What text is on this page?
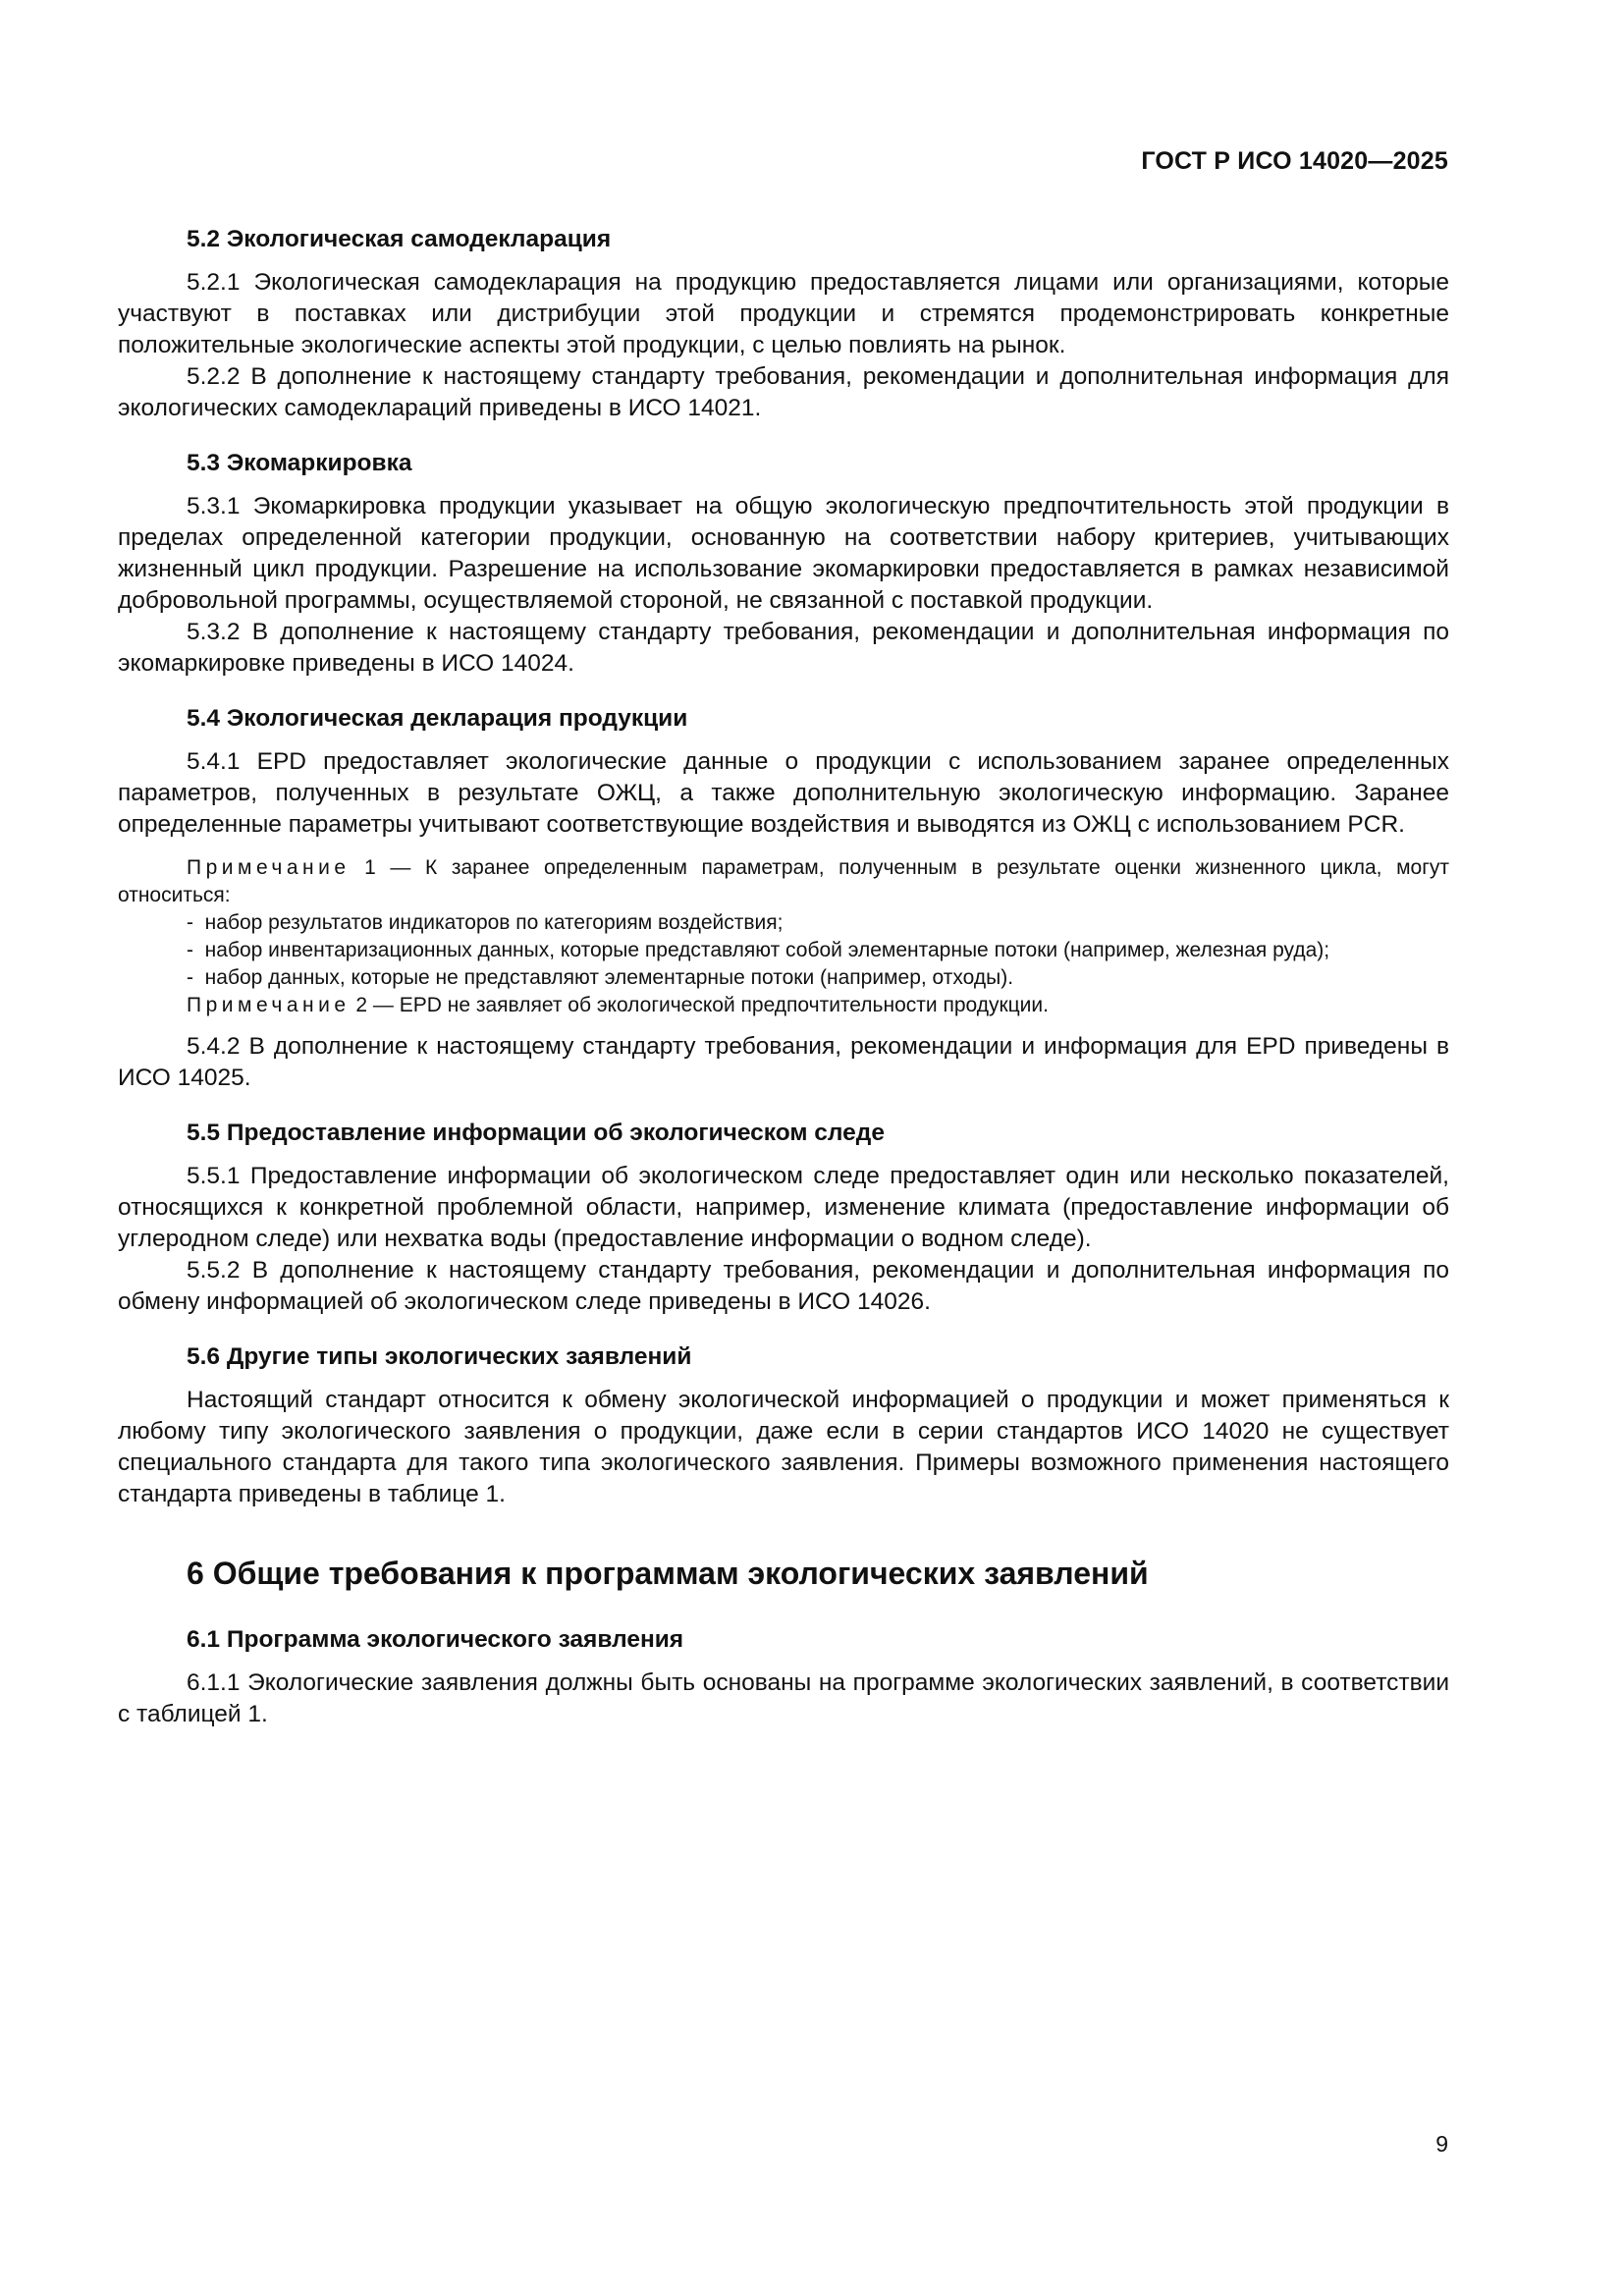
ГОСТ Р ИСО 14020—2025
5.2 Экологическая самодекларация

5.2.1 Экологическая самодекларация на продукцию предоставляется лицами или организациями, которые участвуют в поставках или дистрибуции этой продукции и стремятся продемонстрировать конкретные положительные экологические аспекты этой продукции, с целью повлиять на рынок.

5.2.2 В дополнение к настоящему стандарту требования, рекомендации и дополнительная информация для экологических самодеклараций приведены в ИСО 14021.

5.3 Экомаркировка

5.3.1 Экомаркировка продукции указывает на общую экологическую предпочтительность этой продукции в пределах определенной категории продукции, основанную на соответствии набору критериев, учитывающих жизненный цикл продукции. Разрешение на использование экомаркировки предоставляется в рамках независимой добровольной программы, осуществляемой стороной, не связанной с поставкой продукции.

5.3.2 В дополнение к настоящему стандарту требования, рекомендации и дополнительная информация по экомаркировке приведены в ИСО 14024.

5.4 Экологическая декларация продукции

5.4.1 EPD предоставляет экологические данные о продукции с использованием заранее определенных параметров, полученных в результате ОЖЦ, а также дополнительную экологическую информацию. Заранее определенные параметры учитывают соответствующие воздействия и выводятся из ОЖЦ с использованием PCR.

Примечание 1 — К заранее определенным параметрам, полученным в результате оценки жизненного цикла, могут относиться:

-  набор результатов индикаторов по категориям воздействия;
-  набор инвентаризационных данных, которые представляют собой элементарные потоки (например, железная руда);
-  набор данных, которые не представляют элементарные потоки (например, отходы).

Примечание 2 — EPD не заявляет об экологической предпочтительности продукции.

5.4.2 В дополнение к настоящему стандарту требования, рекомендации и информация для EPD приведены в ИСО 14025.

5.5 Предоставление информации об экологическом следе

5.5.1 Предоставление информации об экологическом следе предоставляет один или несколько показателей, относящихся к конкретной проблемной области, например, изменение климата (предоставление информации об углеродном следе) или нехватка воды (предоставление информации о водном следе).

5.5.2 В дополнение к настоящему стандарту требования, рекомендации и дополнительная информация по обмену информацией об экологическом следе приведены в ИСО 14026.

5.6 Другие типы экологических заявлений

Настоящий стандарт относится к обмену экологической информацией о продукции и может применяться к любому типу экологического заявления о продукции, даже если в серии стандартов ИСО 14020 не существует специального стандарта для такого типа экологического заявления. Примеры возможного применения настоящего стандарта приведены в таблице 1.

6 Общие требования к программам экологических заявлений
6.1 Программа экологического заявления

6.1.1 Экологические заявления должны быть основаны на программе экологических заявлений, в соответствии с таблицей 1.

9
